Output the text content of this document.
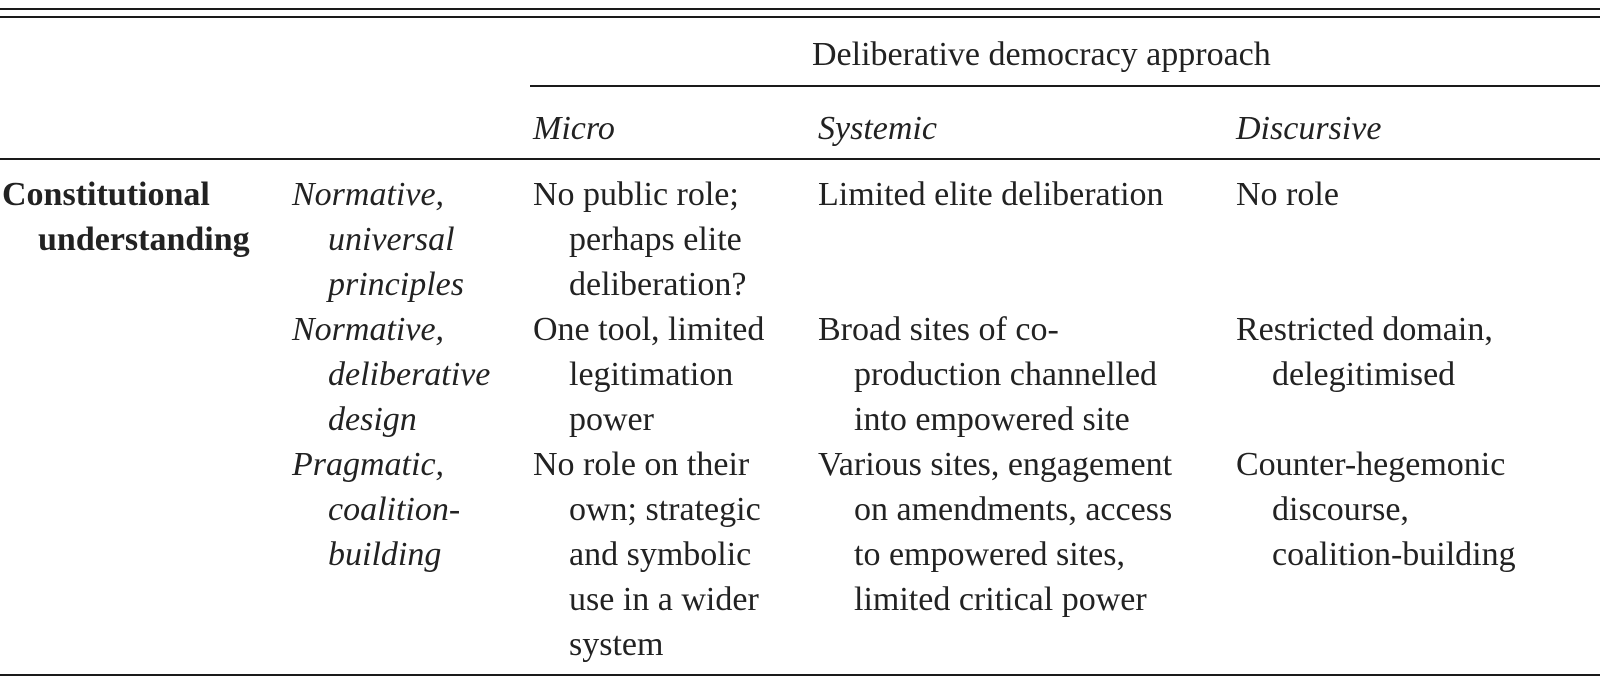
Deliberative democracy approach
Micro	Systemic	Discursive
Constitutional
understanding
Normative,
universal
principles
No public role;
perhaps elite
deliberation?
Limited elite deliberation No role
Normative,
deliberative
design
One tool, limited
legitimation
power
Broad sites of co-
production channelled
into empowered site
Restricted domain,
delegitimised
Pragmatic,
coalition-
building
No role on their
own; strategic
and symbolic
use in a wider
system
Various sites, engagement
on amendments, access
to empowered sites,
limited critical power
Counter-hegemonic
discourse,
coalition-building
